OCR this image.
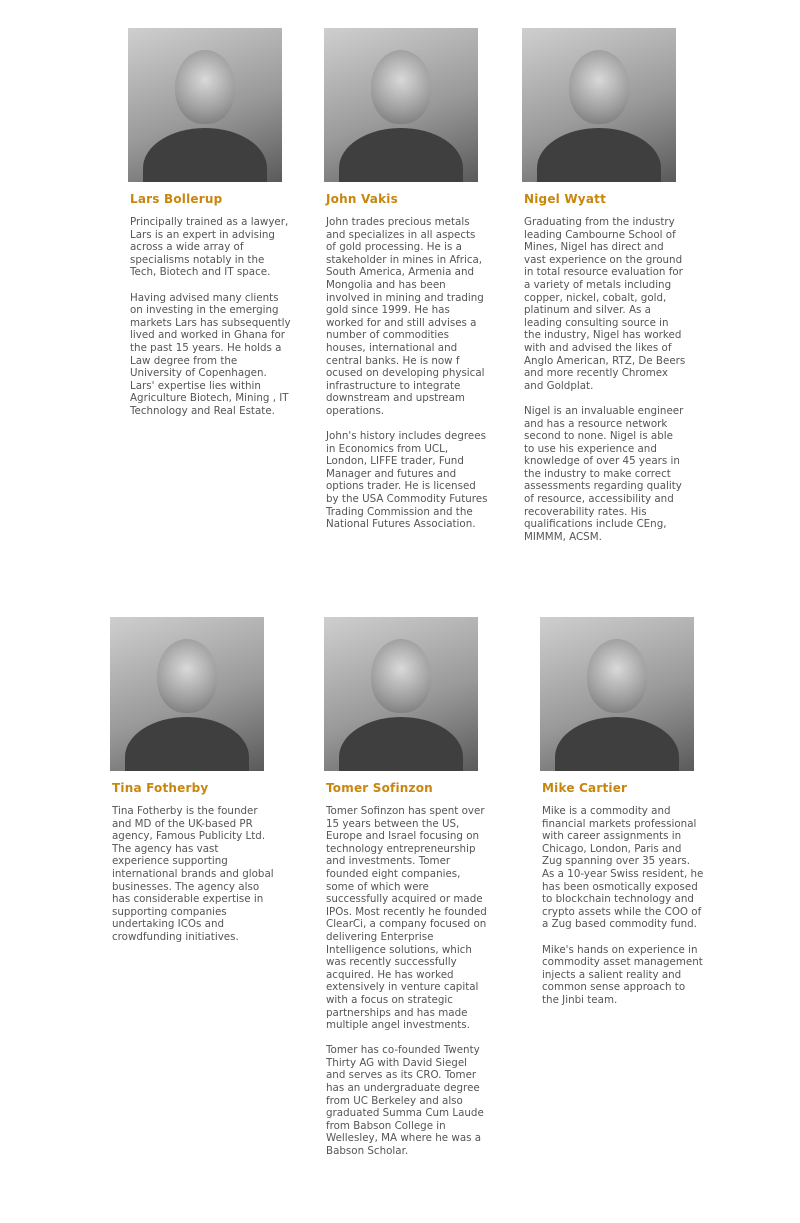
Lars Bollerup

Principally trained as a lawyer, Lars is an expert in advising across a wide array of specialisms notably in the Tech, Biotech and IT space.

Having advised many clients on investing in the emerging markets Lars has subsequently lived and worked in Ghana for the past 15 years. He holds a Law degree from the University of Copenhagen. Lars' expertise lies within Agriculture Biotech, Mining , IT Technology and Real Estate.

John Vakis

John trades precious metals and specializes in all aspects of gold processing. He is a stakeholder in mines in Africa, South America, Armenia and Mongolia and has been involved in mining and trading gold since 1999. He has worked for and still advises a number of commodities houses, international and central banks. He is now f ocused on developing physical infrastructure to integrate downstream and upstream operations.

John's history includes degrees in Economics from UCL, London, LIFFE trader, Fund Manager and futures and options trader. He is licensed by the USA Commodity Futures Trading Commission and the National Futures Association.

Nigel Wyatt

Graduating from the industry leading Cambourne School of Mines, Nigel has direct and vast experience on the ground in total resource evaluation for a variety of metals including copper, nickel, cobalt, gold, platinum and silver. As a leading consulting source in the industry, Nigel has worked with and advised the likes of Anglo American, RTZ, De Beers and more recently Chromex and Goldplat.

Nigel is an invaluable engineer and has a resource network second to none. Nigel is able to use his experience and knowledge of over 45 years in the industry to make correct assessments regarding quality of resource, accessibility and recoverability rates. His qualifications include CEng, MIMMM, ACSM.

Tina Fotherby

Tina Fotherby is the founder and MD of the UK-based PR agency, Famous Publicity Ltd. The agency has vast experience supporting international brands and global businesses. The agency also has considerable expertise in supporting companies undertaking ICOs and crowdfunding initiatives.

Tomer Sofinzon

Tomer Sofinzon has spent over 15 years between the US, Europe and Israel focusing on technology entrepreneurship and investments. Tomer founded eight companies, some of which were successfully acquired or made IPOs. Most recently he founded ClearCi, a company focused on delivering Enterprise Intelligence solutions, which was recently successfully acquired. He has worked extensively in venture capital with a focus on strategic partnerships and has made multiple angel investments.

Tomer has co-founded Twenty Thirty AG with David Siegel and serves as its CRO. Tomer has an undergraduate degree from UC Berkeley and also graduated Summa Cum Laude from Babson College in Wellesley, MA where he was a Babson Scholar.

Mike Cartier

Mike is a commodity and financial markets professional with career assignments in Chicago, London, Paris and Zug spanning over 35 years. As a 10-year Swiss resident, he has been osmotically exposed to blockchain technology and crypto assets while the COO of a Zug based commodity fund.

Mike's hands on experience in commodity asset management injects a salient reality and common sense approach to the Jinbi team.
